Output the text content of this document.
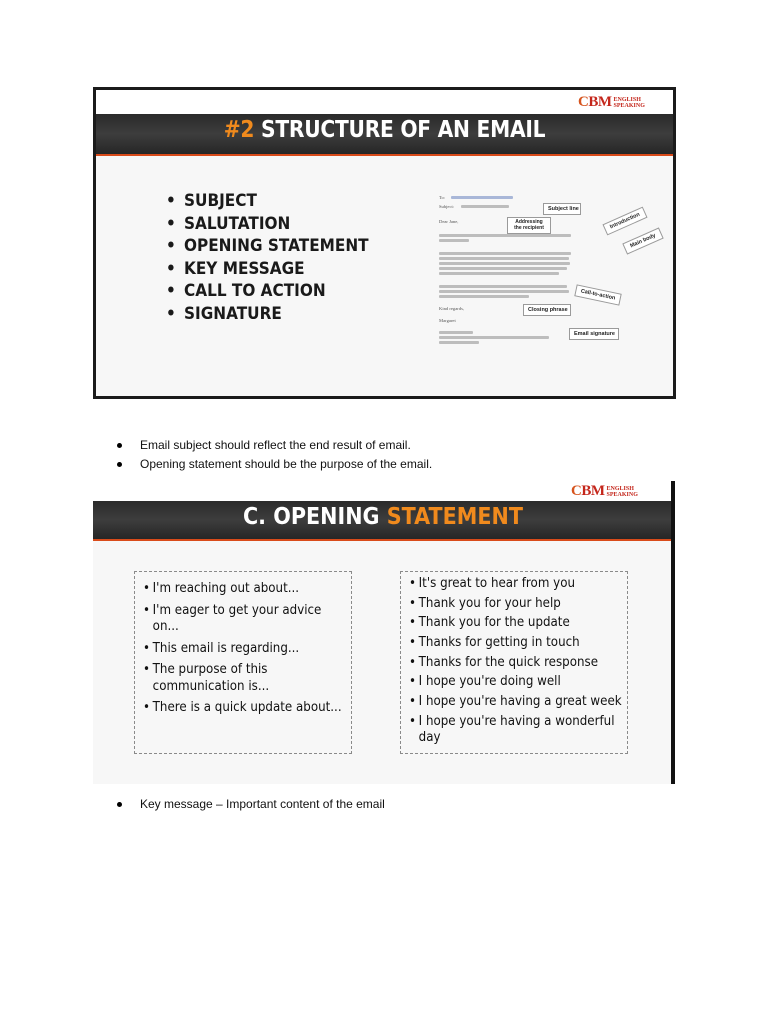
CBM ENGLISH
SPEAKING
#2 STRUCTURE OF AN EMAIL
• SUBJECT
• SALUTATION
• OPENING STATEMENT
• KEY MESSAGE
• CALL TO ACTION
• SIGNATURE
To:
Subject:
Dear Jane,
Kind regards,
Margaret
Subject line
Addressing the recipient	Introduction
Main body
Closing phrase
Call-to-action
Email signature
Email subject should reflect the end result of email.
Opening statement should be the purpose of the email.
CBM ENGLISH
SPEAKING
C. OPENING STATEMENT
• I'm reaching out about...
• I'm eager to get your advice on...
• This email is regarding...
• The purpose of this communication is...
• There is a quick update about...
• It's great to hear from you
• Thank you for your help
• Thank you for the update
• Thanks for getting in touch
• Thanks for the quick response
• I hope you're doing well
• I hope you're having a great week
• I hope you're having a wonderful day
Key message – Important content of the email
